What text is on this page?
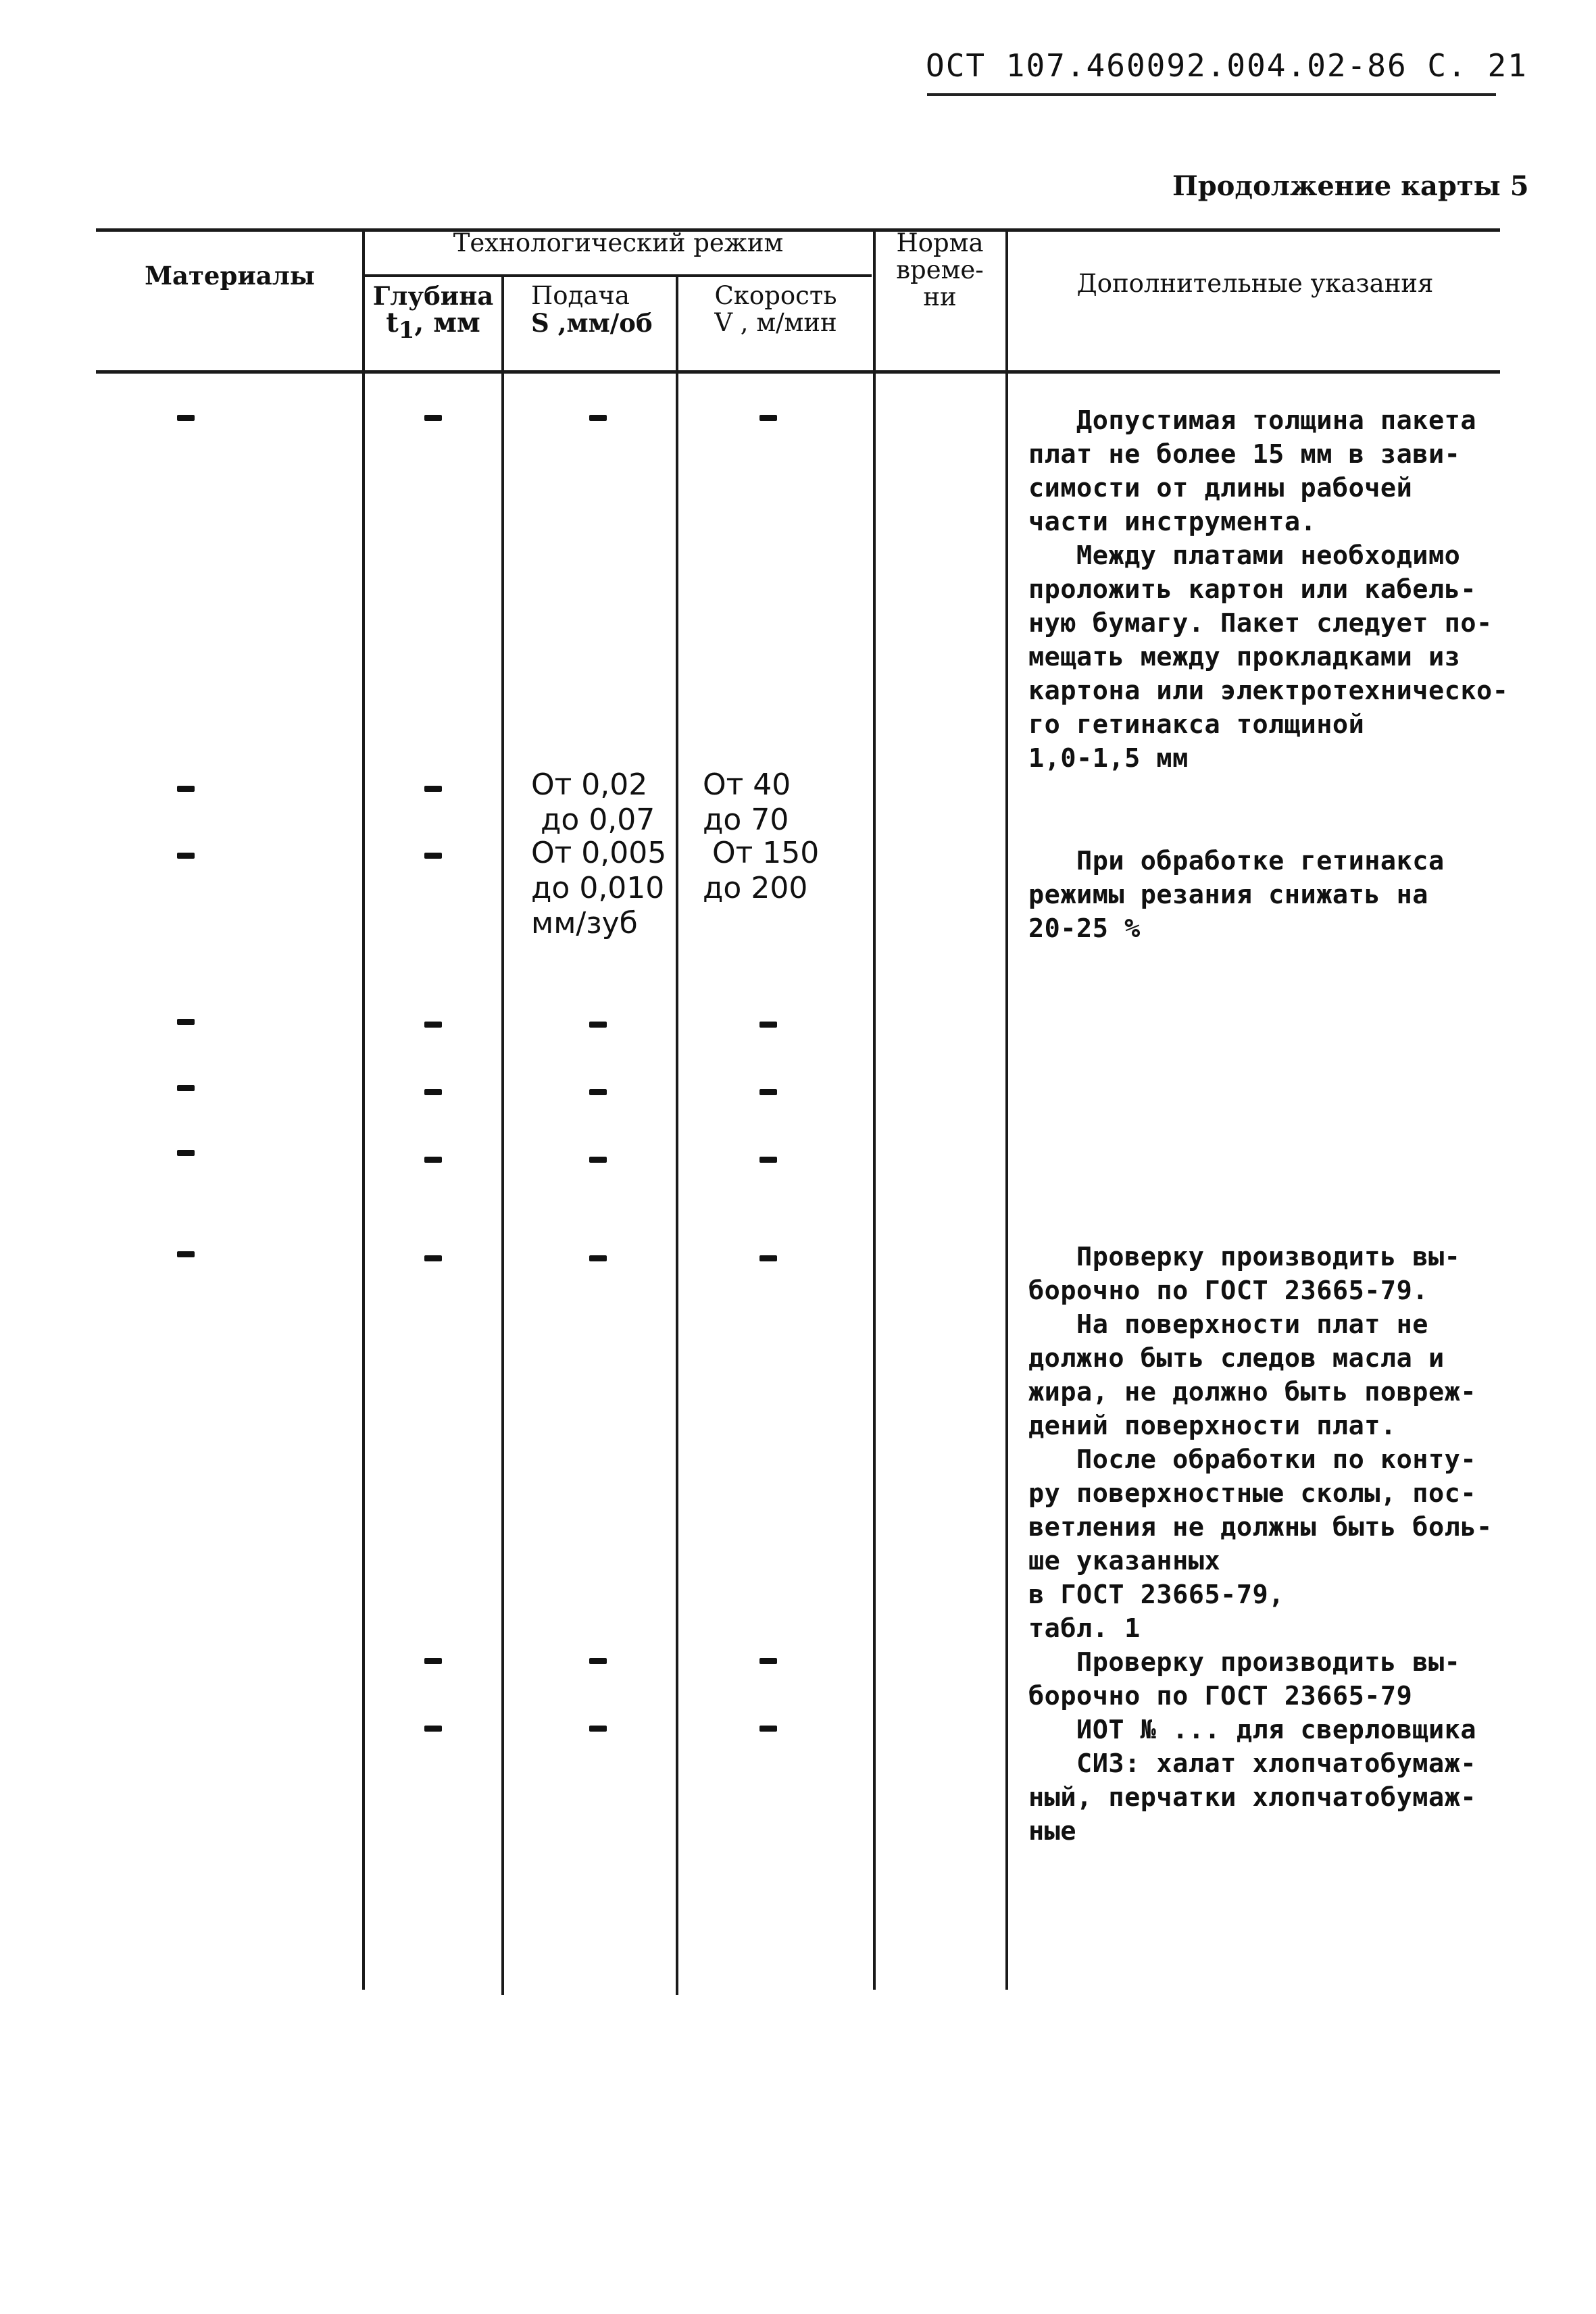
ОСТ 107.460092.004.02-86 С. 21
Продолжение карты 5
Материалы
Технологический режим
Глубина
$t_1$, мм
Подача
S ,мм/об
Скорость
V , м/мин
Норма
време-
ни	Дополнительные указания
Допустимая толщина пакета
плат не более 15 мм в зави-
симости от длины рабочей
части инструмента.
Между платами необходимо
проложить картон или кабель-
ную бумагу. Пакет следует по-
мещать между прокладками из
картона или электротехническо-
го гетинакса толщиной
1,0-1,5 мм
От 0,02
до 0,07
От 40
до 70
От 0,005
до 0,010
мм/зуб
От 150
до 200
При обработке гетинакса
режимы резания снижать на
20-25 %
Проверку производить вы-
борочно по ГОСТ 23665-79.
На поверхности плат не
должно быть следов масла и
жира, не должно быть повреж-
дений поверхности плат.
После обработки по конту-
ру поверхностные сколы, пос-
ветления не должны быть боль-
ше указанных
в ГОСТ 23665-79,
табл. 1
Проверку производить вы-
борочно по ГОСТ 23665-79
ИОТ № ... для сверловщика
СИЗ: халат хлопчатобумаж-
ный, перчатки хлопчатобумаж-
ные
